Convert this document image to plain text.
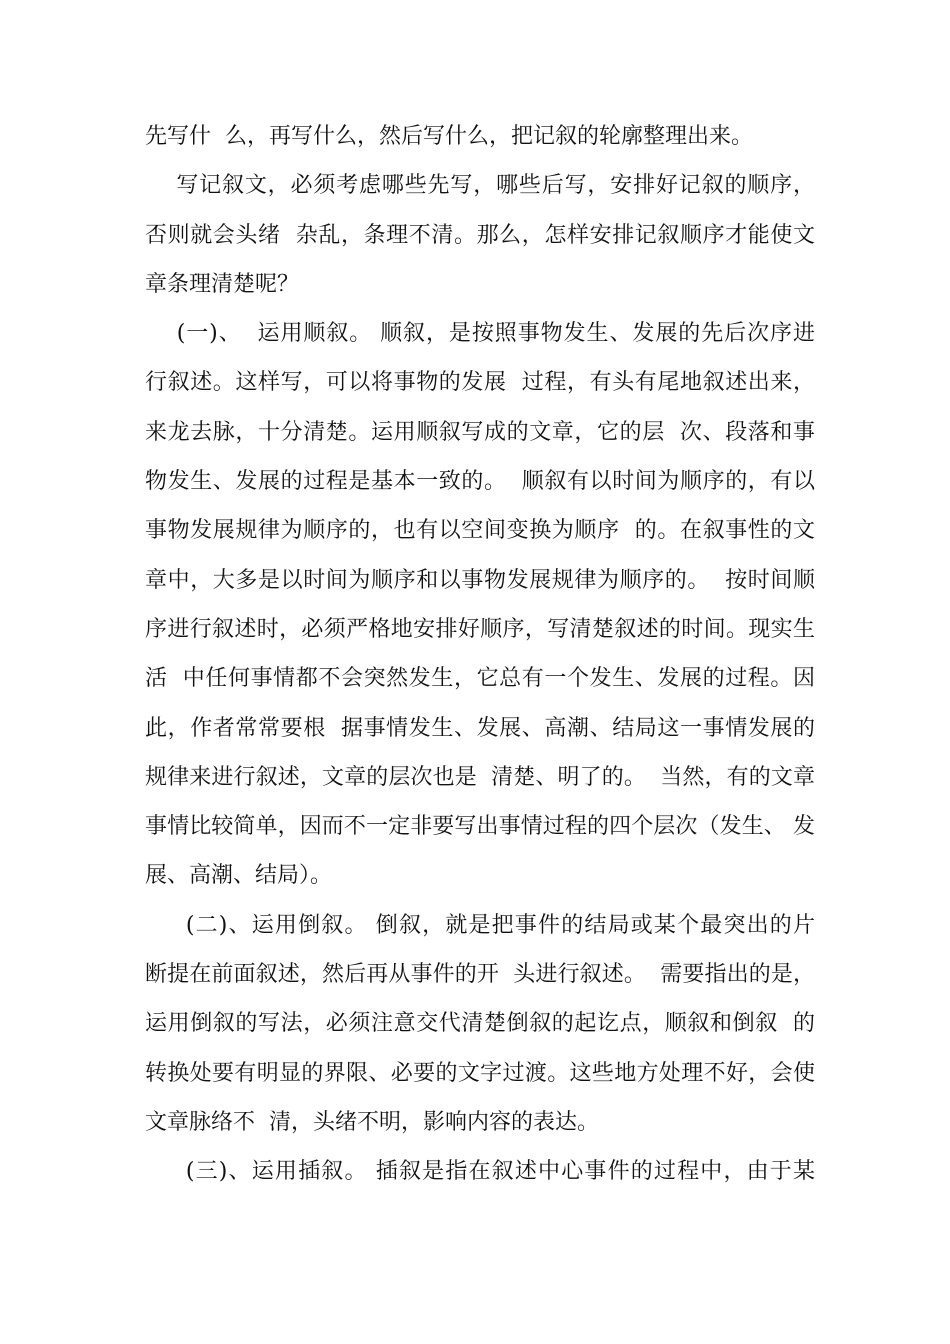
先写什  么，再写什么，然后写什么，把记叙的轮廓整理出来。
写记叙文，必须考虑哪些先写，哪些后写，安排好记叙的顺序，
否则就会头绪  杂乱，条理不清。那么，怎样安排记叙顺序才能使文
章条理清楚呢？
(一)、  运用顺叙。 顺叙，是按照事物发生、发展的先后次序进
行叙述。这样写，可以将事物的发展  过程，有头有尾地叙述出来，
来龙去脉，十分清楚。运用顺叙写成的文章，它的层  次、段落和事
物发生、发展的过程是基本一致的。  顺叙有以时间为顺序的，有以
事物发展规律为顺序的，也有以空间变换为顺序  的。在叙事性的文
章中，大多是以时间为顺序和以事物发展规律为顺序的。  按时间顺
序进行叙述时，必须严格地安排好顺序，写清楚叙述的时间。现实生
活  中任何事情都不会突然发生，它总有一个发生、发展的过程。因
此，作者常常要根  据事情发生、发展、高潮、结局这一事情发展的
规律来进行叙述，文章的层次也是  清楚、明了的。  当然，有的文章
事情比较简单，因而不一定非要写出事情过程的四个层次（发生、 发
展、高潮、结局）。
(二)、运用倒叙。 倒叙，就是把事件的结局或某个最突出的片
断提在前面叙述，然后再从事件的开  头进行叙述。  需要指出的是，
运用倒叙的写法，必须注意交代清楚倒叙的起讫点，顺叙和倒叙  的
转换处要有明显的界限、必要的文字过渡。这些地方处理不好，会使
文章脉络不  清，头绪不明，影响内容的表达。
(三)、运用插叙。 插叙是指在叙述中心事件的过程中，由于某
